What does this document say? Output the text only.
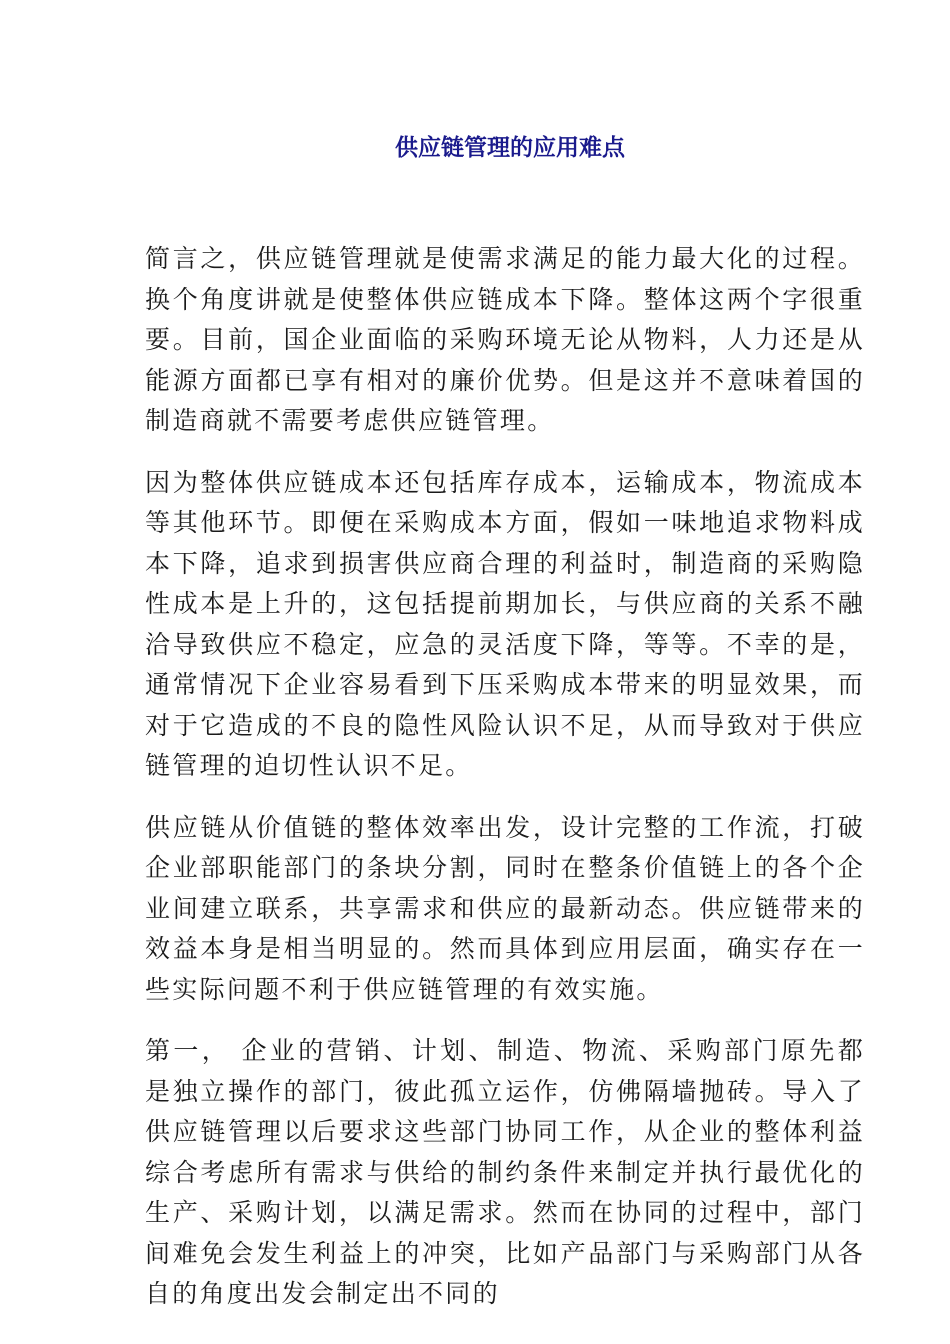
供应链管理的应用难点

简言之，供应链管理就是使需求满足的能力最大化的过程。换个角度讲就是使整体供应链成本下降。整体这两个字很重要。目前，国企业面临的采购环境无论从物料，人力还是从能源方面都已享有相对的廉价优势。但是这并不意味着国的制造商就不需要考虑供应链管理。

因为整体供应链成本还包括库存成本，运输成本，物流成本等其他环节。即便在采购成本方面，假如一味地追求物料成本下降，追求到损害供应商合理的利益时，制造商的采购隐性成本是上升的，这包括提前期加长，与供应商的关系不融洽导致供应不稳定，应急的灵活度下降，等等。不幸的是，通常情况下企业容易看到下压采购成本带来的明显效果，而对于它造成的不良的隐性风险认识不足，从而导致对于供应链管理的迫切性认识不足。

供应链从价值链的整体效率出发，设计完整的工作流，打破企业部职能部门的条块分割，同时在整条价值链上的各个企业间建立联系，共享需求和供应的最新动态。供应链带来的效益本身是相当明显的。然而具体到应用层面，确实存在一些实际问题不利于供应链管理的有效实施。

第一， 企业的营销、计划、制造、物流、采购部门原先都是独立操作的部门，彼此孤立运作，仿佛隔墙抛砖。导入了供应链管理以后要求这些部门协同工作，从企业的整体利益综合考虑所有需求与供给的制约条件来制定并执行最优化的生产、采购计划，以满足需求。然而在协同的过程中，部门间难免会发生利益上的冲突，比如产品部门与采购部门从各自的角度出发会制定出不同的
